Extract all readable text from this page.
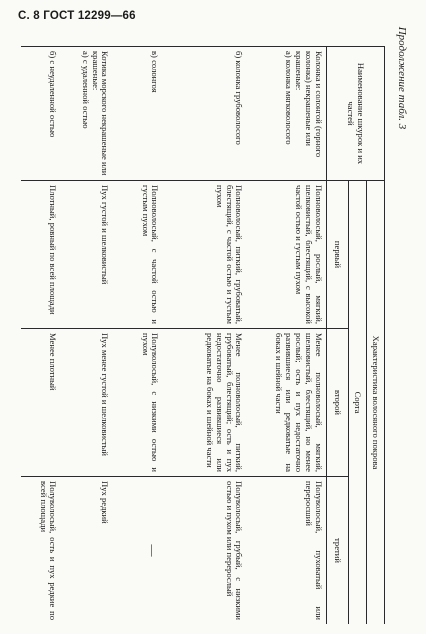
С. 8 ГОСТ 12299—66
Продолжение табл. 3
Наименование шкурок и их частей	Характеристика волосяного покрова		
	Сорта		
	первый	второй	третий
Колонка и солонгой (горного колонка) некрашеные или крашеные:
а) колонка мягковолосого	Полноволосый, рослый, мягкий, шелковистый, блестящий, с высокой частой остью и густым пухом	Менее полноволосый, мягкий, шелковистый, блестящий, но менее рослый; ость и пух недостаточно развившиеся или редковатые на боках и шейной части	Полуволосый, пуховатый или переросший
б) колонка грубоволосого	Полноволосый, питкий, грубоватый, блестящий, с частой остью и густым пухом	Менее полноволосый, питкий, грубоватый, блестящий; ость и пух недостаточно развившиеся или редковатые на боках и шейной части	Полуволосый, грубый, с низкими остью и пухом или перерослый
в) солонгоя	Полноволосый, с частой остью и густым пухом	Полуволосый, с низкими остью и пухом	—
Котика морского некрашеные или крашеные:
а) с удаленной остью	Пух густой и шелковистый	Пух менее густой и шелковистый	Пух редкий
б) с неудаленной остью	Плотный, ровный по всей площади	Менее плотный	Полуволосый, ость и пух редкие по всей площади
